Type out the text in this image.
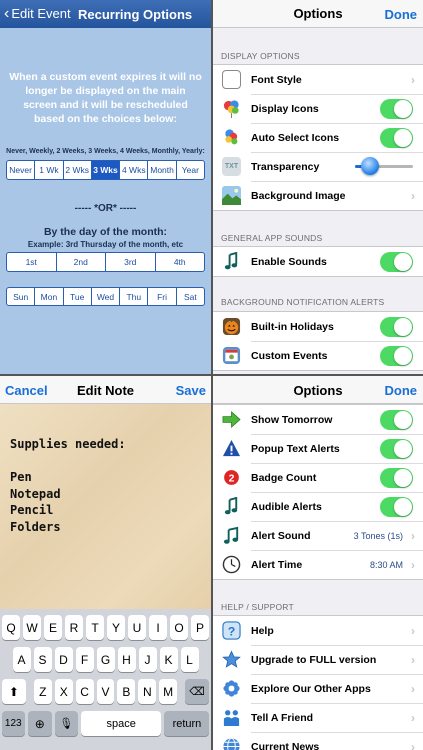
‹ Edit Event Recurring Options
When a custom event expires it will no longer be displayed on the main screen and it will be rescheduled based on the choices below:
Never, Weekly, 2 Weeks, 3 Weeks, 4 Weeks, Monthly, Yearly:
Never 1 Wk 2 Wks 3 Wks 4 Wks Month Year
----- *OR* -----
By the day of the month:
Example: 3rd Thursday of the month, etc
1st	2nd	3rd	4th
Sun	Mon	Tue	Wed	Thu	Fri	Sat
Options	Done
DISPLAY OPTIONS
A Font Style	›
Display Icons
Auto Select Icons
TXT Transparency
Background Image	›
GENERAL APP SOUNDS
Enable Sounds
BACKGROUND NOTIFICATION ALERTS
Built-in Holidays
Custom Events
Cancel	Edit Note	Save
Supplies needed:
Pen
Notepad
Pencil
Folders
Q W E	R	T	Y	U	I	O	P
A	S	D	F	G H	J	K	L
⬆	Z	X	C	V	B	N M	⌫
123 ⊕ 🎙	space	return
Options	Done
Show Tomorrow
Popup Text Alerts
2 Badge Count
Audible Alerts
Alert Sound	3 Tones (1s) ›
Alert Time	8:30 AM ›
HELP / SUPPORT
? Help	›
Upgrade to FULL version	›
Explore Our Other Apps	›
Tell A Friend	›
Current News	›
